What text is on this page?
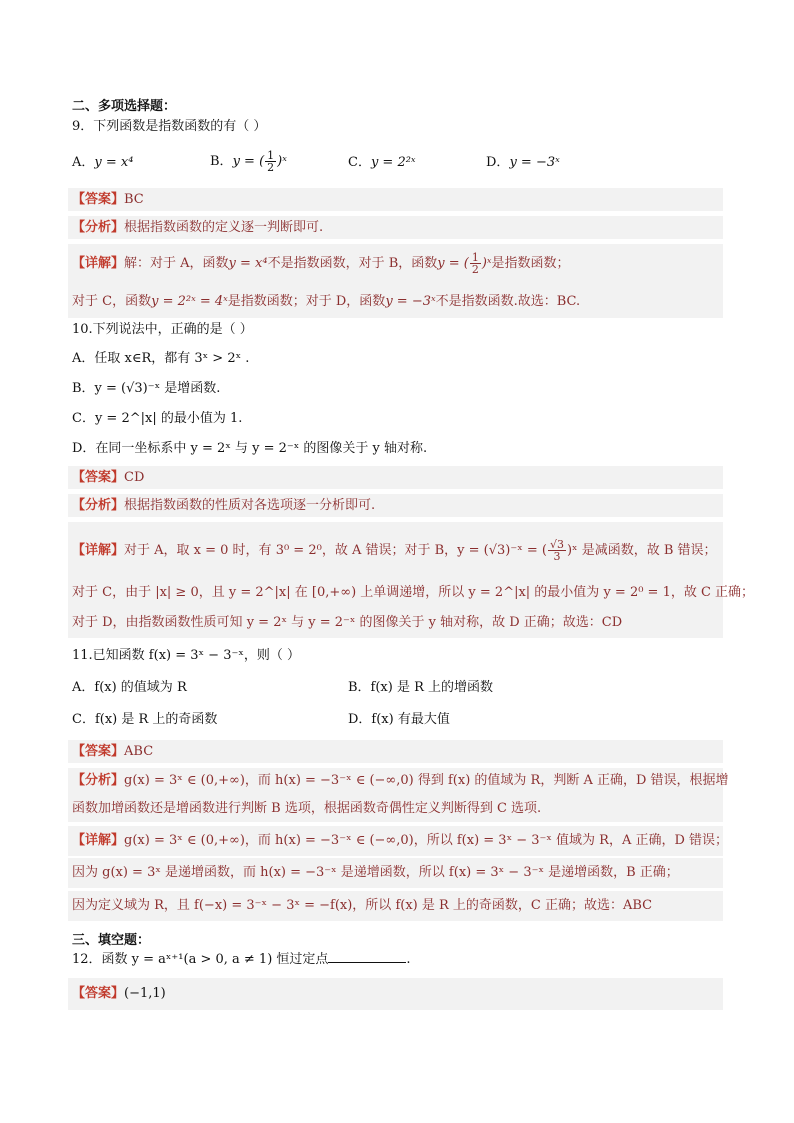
二、多项选择题：
9．下列函数是指数函数的有（ ）
A．y = x⁴	B．y = ( $\frac{1}{2}$ )ˣ	C．y = 2²ˣ	D．y = −3ˣ
【答案】BC
【分析】根据指数函数的定义逐一判断即可.
【详解】解：对于 A，函数y = x⁴不是指数函数，对于 B，函数y = ( $\frac{1}{2}$ )ˣ是指数函数；
对于 C，函数y = 2²ˣ = 4ˣ是指数函数；对于 D，函数y = −3ˣ不是指数函数.故选：BC.
10.下列说法中，正确的是（ ）
A．任取 x∈R，都有 3ˣ > 2ˣ .
B．y = (√3)⁻ˣ 是增函数.
C．y = 2^|x| 的最小值为 1.
D．在同一坐标系中 y = 2ˣ 与 y = 2⁻ˣ 的图像关于 y 轴对称.
【答案】CD
【分析】根据指数函数的性质对各选项逐一分析即可.
【详解】对于 A，取 x = 0 时，有 3⁰ = 2⁰，故 A 错误；对于 B，y = (√3)⁻ˣ = ( $\frac{√3}{3}$ )ˣ 是减函数，故 B 错误；
对于 C，由于 |x| ≥ 0，且 y = 2^|x| 在 [0,+∞) 上单调递增，所以 y = 2^|x| 的最小值为 y = 2⁰ = 1，故 C 正确；
对于 D，由指数函数性质可知 y = 2ˣ 与 y = 2⁻ˣ 的图像关于 y 轴对称，故 D 正确；故选：CD
11.已知函数 f(x) = 3ˣ − 3⁻ˣ，则（ ）
A．f(x) 的值域为 R	B．f(x) 是 R 上的增函数
C．f(x) 是 R 上的奇函数	D．f(x) 有最大值
【答案】ABC
【分析】g(x) = 3ˣ ∈ (0,+∞)，而 h(x) = −3⁻ˣ ∈ (−∞,0) 得到 f(x) 的值域为 R，判断 A 正确，D 错误，根据增
函数加增函数还是增函数进行判断 B 选项，根据函数奇偶性定义判断得到 C 选项.
【详解】g(x) = 3ˣ ∈ (0,+∞)，而 h(x) = −3⁻ˣ ∈ (−∞,0)，所以 f(x) = 3ˣ − 3⁻ˣ 值域为 R，A 正确，D 错误；
因为 g(x) = 3ˣ 是递增函数，而 h(x) = −3⁻ˣ 是递增函数，所以 f(x) = 3ˣ − 3⁻ˣ 是递增函数，B 正确；
因为定义域为 R，且 f(−x) = 3⁻ˣ − 3ˣ = −f(x)，所以 f(x) 是 R 上的奇函数，C 正确；故选：ABC
三、填空题：
12．函数 y = aˣ⁺¹(a > 0, a ≠ 1) 恒过定点	.
【答案】(−1,1)
